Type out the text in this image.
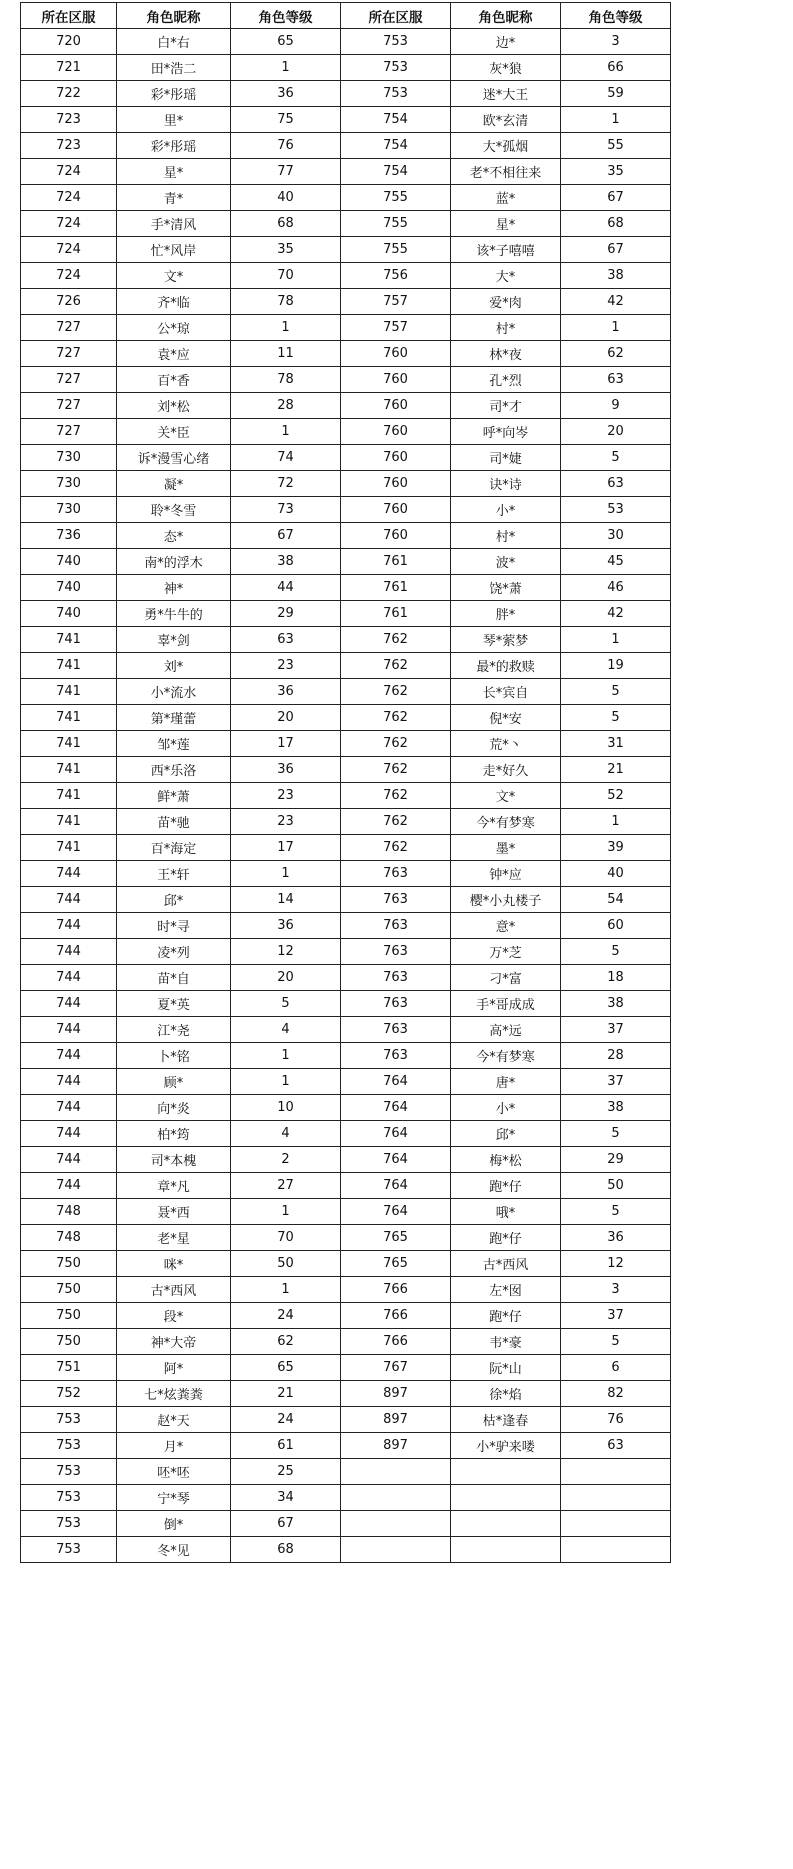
所在区服	角色昵称	角色等级	所在区服	角色昵称	角色等级
720	白*右	65	753	边*	3
721	田*浩二	1	753	灰*狼	66
722	彩*彤瑶	36	753	迷*大王	59
723	里*	75	754	欧*玄清	1
723	彩*彤瑶	76	754	大*孤烟	55
724	星*	77	754	老*不相往来	35
724	青*	40	755	蓝*	67
724	手*清风	68	755	星*	68
724	忙*风岸	35	755	该*子嘻嘻	67
724	文*	70	756	大*	38
726	齐*临	78	757	爱*肉	42
727	公*琼	1	757	村*	1
727	袁*应	11	760	林*夜	62
727	百*香	78	760	孔*烈	63
727	刘*松	28	760	司*才	9
727	关*臣	1	760	呼*向岑	20
730	诉*漫雪心绪	74	760	司*婕	5
730	凝*	72	760	诀*诗	63
730	聆*冬雪	73	760	小*	53
736	态*	67	760	村*	30
740	南*的浮木	38	761	波*	45
740	神*	44	761	饶*萧	46
740	勇*牛牛的	29	761	胖*	42
741	辜*剑	63	762	琴*萦梦	1
741	刘*	23	762	最*的救赎	19
741	小*流水	36	762	长*宾自	5
741	第*瑾蕾	20	762	倪*安	5
741	邹*莲	17	762	荒*丶	31
741	西*乐洛	36	762	走*好久	21
741	鲜*萧	23	762	文*	52
741	苗*驰	23	762	今*有梦寒	1
741	百*海定	17	762	墨*	39
744	王*轩	1	763	钟*应	40
744	邱*	14	763	樱*小丸楼子	54
744	时*寻	36	763	意*	60
744	凌*列	12	763	万*芝	5
744	苗*自	20	763	刁*富	18
744	夏*英	5	763	手*哥成成	38
744	江*尧	4	763	高*远	37
744	卜*铭	1	763	今*有梦寒	28
744	顾*	1	764	唐*	37
744	向*炎	10	764	小*	38
744	柏*筠	4	764	邱*	5
744	司*本槐	2	764	梅*松	29
744	章*凡	27	764	跑*仔	50
748	聂*西	1	764	哦*	5
748	老*星	70	765	跑*仔	36
750	咪*	50	765	古*西风	12
750	古*西风	1	766	左*囡	3
750	段*	24	766	跑*仔	37
750	神*大帝	62	766	韦*豪	5
751	阿*	65	767	阮*山	6
752	七*炫粪粪	21	897	徐*焰	82
753	赵*天	24	897	枯*逢春	76
753	月*	61	897	小*驴来喽	63
753	呸*呸	25			
753	宁*琴	34			
753	倒*	67			
753	冬*见	68			
